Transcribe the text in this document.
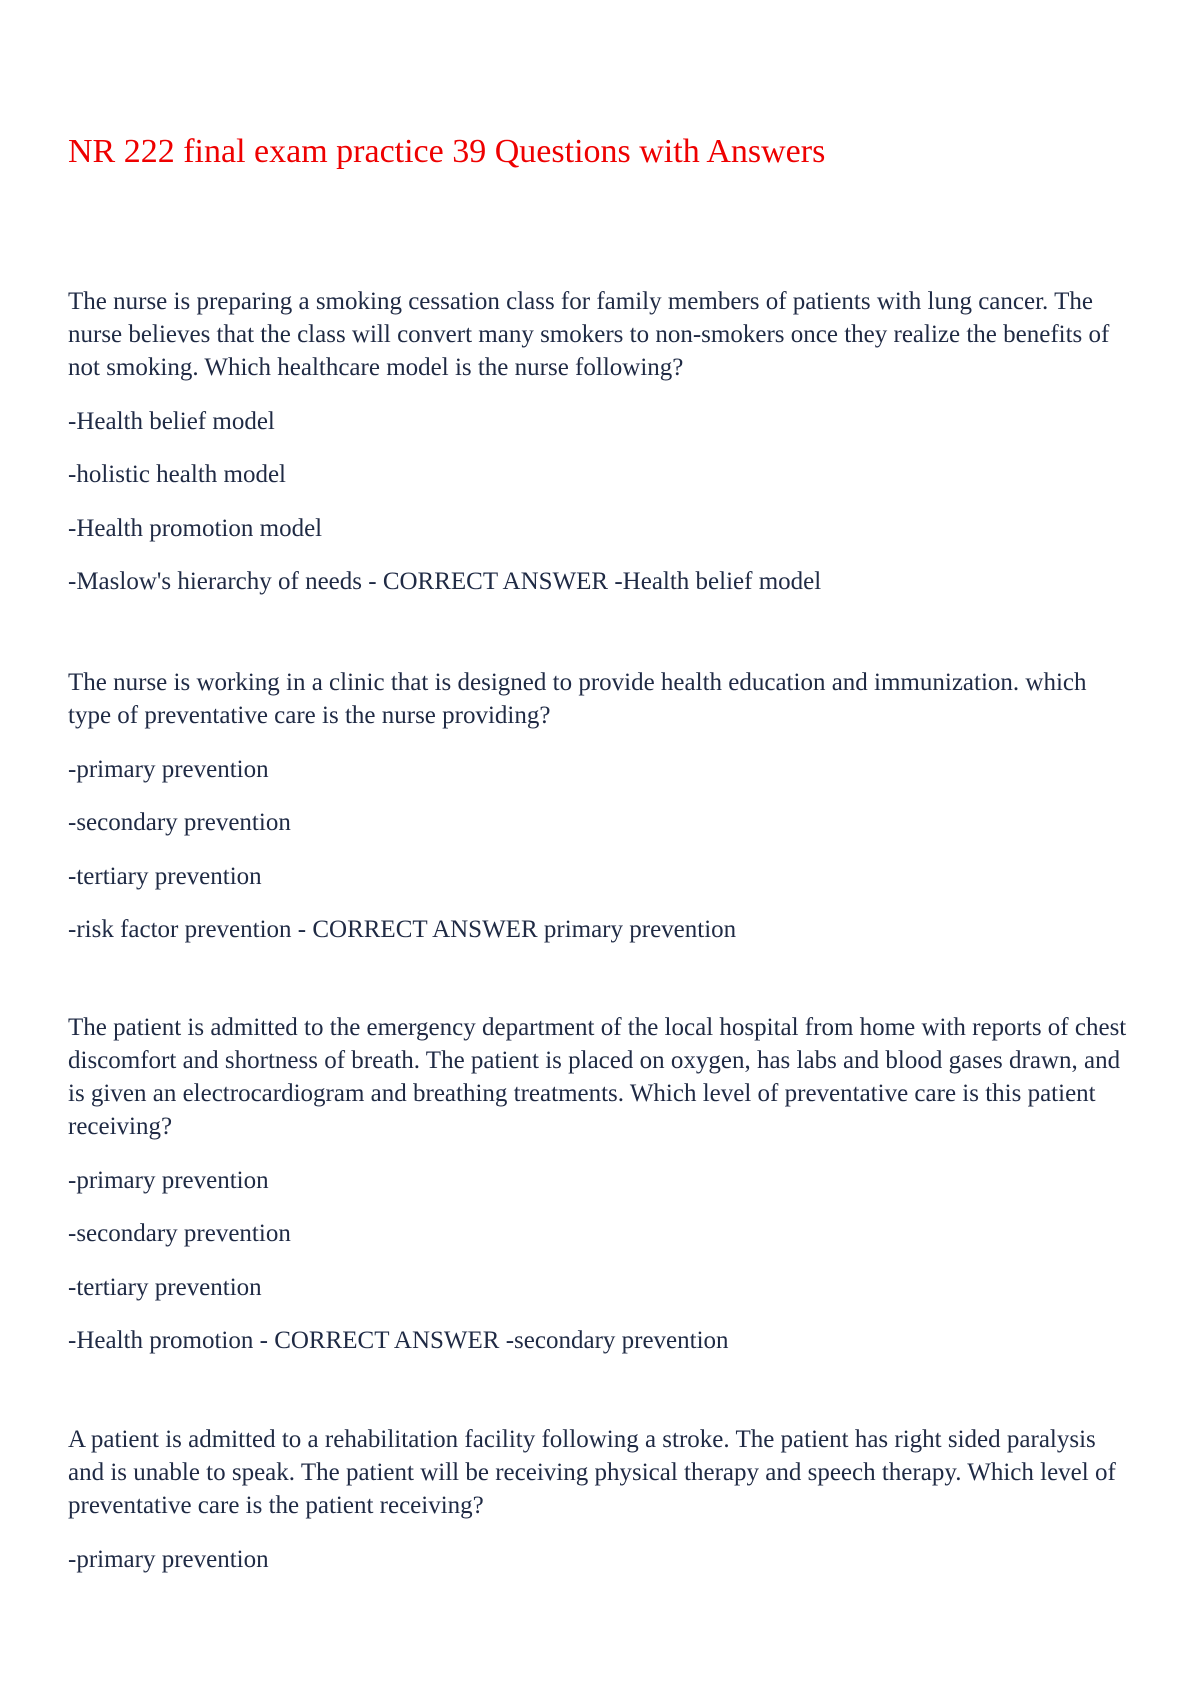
NR 222 final exam practice 39 Questions with Answers

The nurse is preparing a smoking cessation class for family members of patients with lung cancer. The nurse believes that the class will convert many smokers to non-smokers once they realize the benefits of not smoking. Which healthcare model is the nurse following?

-Health belief model

-holistic health model

-Health promotion model

-Maslow's hierarchy of needs - CORRECT ANSWER -Health belief model

The nurse is working in a clinic that is designed to provide health education and immunization. which type of preventative care is the nurse providing?

-primary prevention

-secondary prevention

-tertiary prevention

-risk factor prevention - CORRECT ANSWER primary prevention

The patient is admitted to the emergency department of the local hospital from home with reports of chest discomfort and shortness of breath. The patient is placed on oxygen, has labs and blood gases drawn, and is given an electrocardiogram and breathing treatments. Which level of preventative care is this patient receiving?

-primary prevention

-secondary prevention

-tertiary prevention

-Health promotion - CORRECT ANSWER -secondary prevention

A patient is admitted to a rehabilitation facility following a stroke. The patient has right sided paralysis and is unable to speak. The patient will be receiving physical therapy and speech therapy. Which level of preventative care is the patient receiving?

-primary prevention
